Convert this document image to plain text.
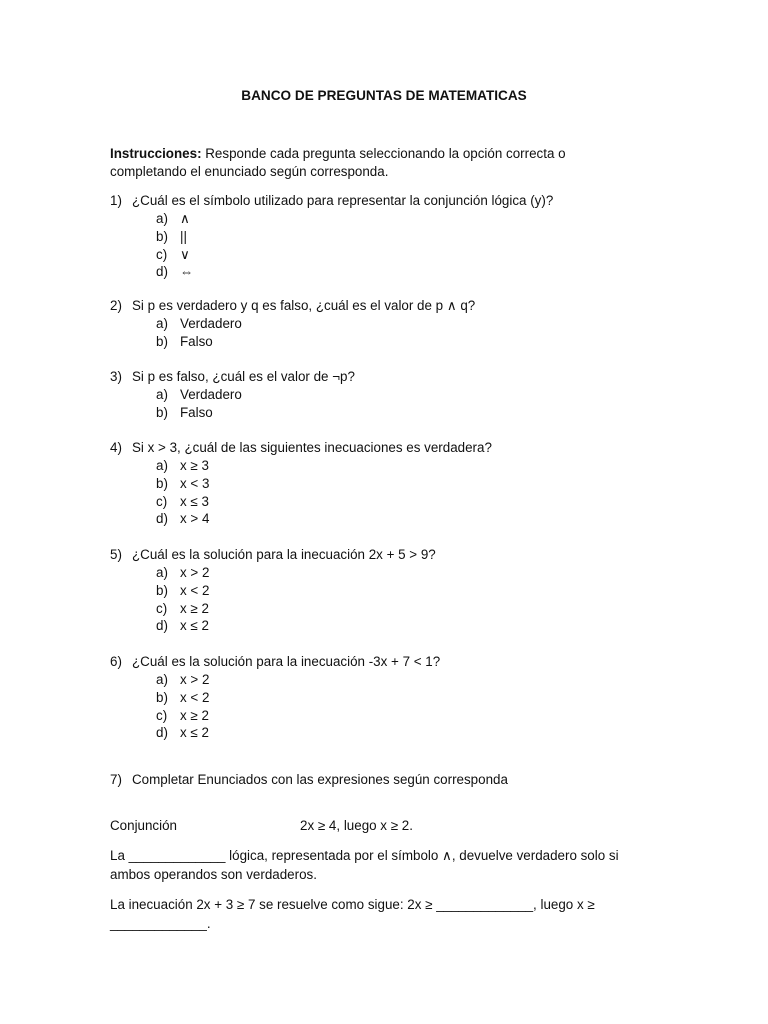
BANCO DE PREGUNTAS DE MATEMATICAS
Instrucciones: Responde cada pregunta seleccionando la opción correcta o completando el enunciado según corresponda.
1) ¿Cuál es el símbolo utilizado para representar la conjunción lógica (y)?
a) ∧
b) ||
c) ∨
d) ⇔
2) Si p es verdadero y q es falso, ¿cuál es el valor de p ∧ q?
a) Verdadero
b) Falso
3) Si p es falso, ¿cuál es el valor de ¬p?
a) Verdadero
b) Falso
4) Si x > 3, ¿cuál de las siguientes inecuaciones es verdadera?
a) x ≥ 3
b) x < 3
c) x ≤ 3
d) x > 4
5) ¿Cuál es la solución para la inecuación 2x + 5 > 9?
a) x > 2
b) x < 2
c) x ≥ 2
d) x ≤ 2
6) ¿Cuál es la solución para la inecuación -3x + 7 < 1?
a) x > 2
b) x < 2
c) x ≥ 2
d) x ≤ 2
7) Completar Enunciados con las expresiones según corresponda
Conjunción	2x ≥ 4, luego x ≥ 2.
La _____________ lógica, representada por el símbolo ∧, devuelve verdadero solo si ambos operandos son verdaderos.
La inecuación 2x + 3 ≥ 7 se resuelve como sigue: 2x ≥ _____________, luego x ≥ _____________.
